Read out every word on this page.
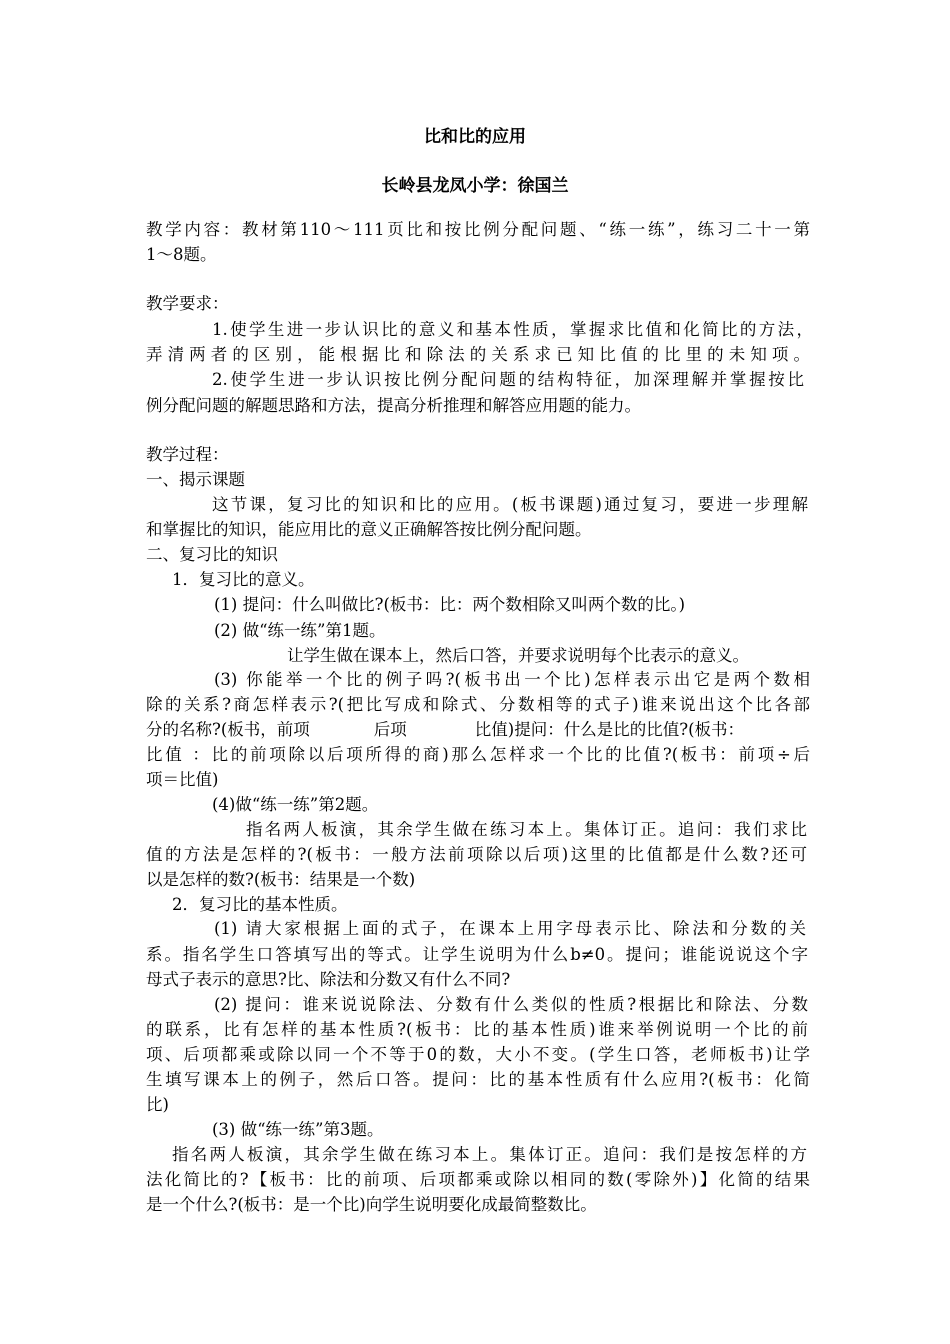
比和比的应用
长岭县龙凤小学：徐国兰
教学内容：教材第110～111页比和按比例分配问题、“练一练”，练习二十一第
1～8题。
教学要求：
1.使学生进一步认识比的意义和基本性质，掌握求比值和化简比的方法，
弄清两者的区别，能根据比和除法的关系求已知比值的比里的未知项。
2.使学生进一步认识按比例分配问题的结构特征，加深理解并掌握按比
例分配问题的解题思路和方法，提高分析推理和解答应用题的能力。
教学过程：
一、揭示课题
这节课，复习比的知识和比的应用。(板书课题)通过复习，要进一步理解
和掌握比的知识，能应用比的意义正确解答按比例分配问题。
二、复习比的知识
1．复习比的意义。
(1) 提问：什么叫做比?(板书：比：两个数相除又叫两个数的比。)
(2) 做“练一练”第1题。
让学生做在课本上，然后口答，并要求说明每个比表示的意义。
(3) 你能举一个比的例子吗?(板书出一个比)怎样表示出它是两个数相
除的关系?商怎样表示?(把比写成和除式、分数相等的式子)谁来说出这个比各部
分的名称?(板书，前项	后项	比值)提问：什么是比的比值?(板书：
比值 ：比的前项除以后项所得的商)那么怎样求一个比的比值?(板书：前项÷后
项＝比值)
(4)做“练一练”第2题。
指名两人板演，其余学生做在练习本上。集体订正。追问：我们求比
值的方法是怎样的?(板书：一般方法前项除以后项)这里的比值都是什么数?还可
以是怎样的数?(板书：结果是一个数)
2．复习比的基本性质。
(1) 请大家根据上面的式子，在课本上用字母表示比、除法和分数的关
系。指名学生口答填写出的等式。让学生说明为什么b≠0。提问；谁能说说这个字
母式子表示的意思?比、除法和分数又有什么不同?
(2) 提问：谁来说说除法、分数有什么类似的性质?根据比和除法、分数
的联系，比有怎样的基本性质?(板书：比的基本性质)谁来举例说明一个比的前
项、后项都乘或除以同一个不等于0的数，大小不变。(学生口答，老师板书)让学
生填写课本上的例子，然后口答。提问：比的基本性质有什么应用?(板书：化简
比)
(3) 做“练一练”第3题。
指名两人板演，其余学生做在练习本上。集体订正。追问：我们是按怎样的方
法化简比的?【板书：比的前项、后项都乘或除以相同的数(零除外)】化简的结果
是一个什么?(板书：是一个比)向学生说明要化成最简整数比。
